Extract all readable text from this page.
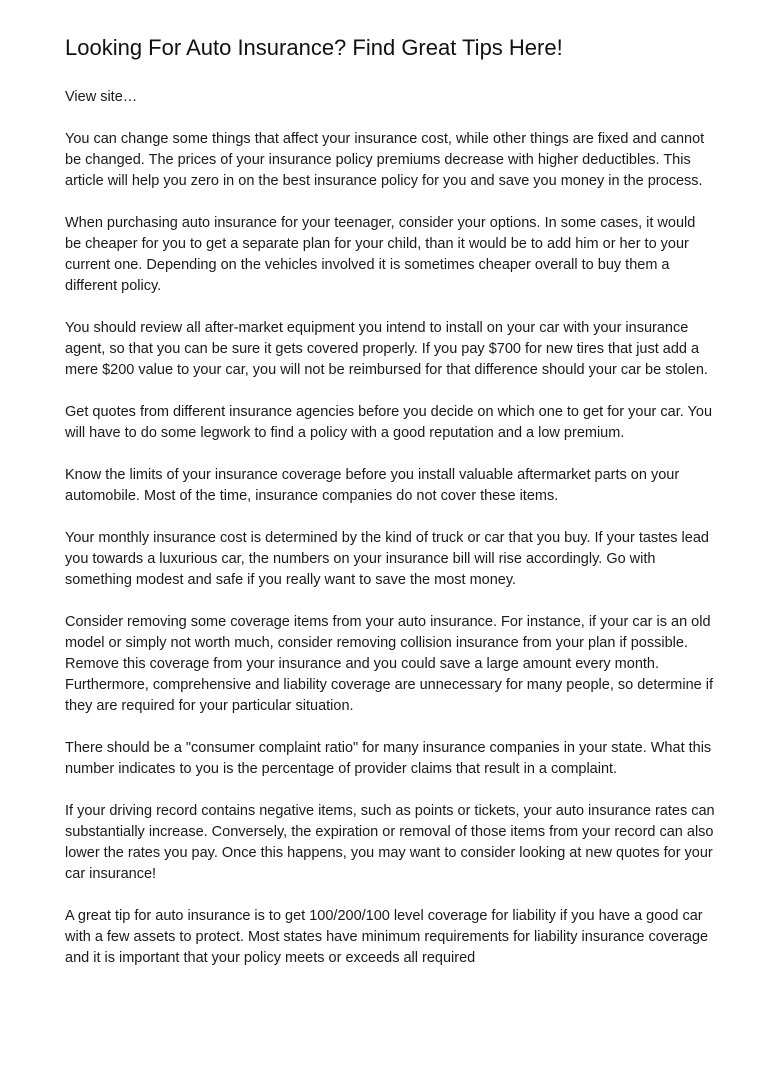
Looking For Auto Insurance? Find Great Tips Here!
View site…

You can change some things that affect your insurance cost, while other things are fixed and cannot be changed. The prices of your insurance policy premiums decrease with higher deductibles. This article will help you zero in on the best insurance policy for you and save you money in the process.

When purchasing auto insurance for your teenager, consider your options. In some cases, it would be cheaper for you to get a separate plan for your child, than it would be to add him or her to your current one. Depending on the vehicles involved it is sometimes cheaper overall to buy them a different policy.

You should review all after-market equipment you intend to install on your car with your insurance agent, so that you can be sure it gets covered properly. If you pay $700 for new tires that just add a mere $200 value to your car, you will not be reimbursed for that difference should your car be stolen.

Get quotes from different insurance agencies before you decide on which one to get for your car. You will have to do some legwork to find a policy with a good reputation and a low premium.

Know the limits of your insurance coverage before you install valuable aftermarket parts on your automobile. Most of the time, insurance companies do not cover these items.

Your monthly insurance cost is determined by the kind of truck or car that you buy. If your tastes lead you towards a luxurious car, the numbers on your insurance bill will rise accordingly. Go with something modest and safe if you really want to save the most money.

Consider removing some coverage items from your auto insurance. For instance, if your car is an old model or simply not worth much, consider removing collision insurance from your plan if possible. Remove this coverage from your insurance and you could save a large amount every month. Furthermore, comprehensive and liability coverage are unnecessary for many people, so determine if they are required for your particular situation.

There should be a "consumer complaint ratio" for many insurance companies in your state. What this number indicates to you is the percentage of provider claims that result in a complaint.

If your driving record contains negative items, such as points or tickets, your auto insurance rates can substantially increase. Conversely, the expiration or removal of those items from your record can also lower the rates you pay. Once this happens, you may want to consider looking at new quotes for your car insurance!

A great tip for auto insurance is to get 100/200/100 level coverage for liability if you have a good car with a few assets to protect. Most states have minimum requirements for liability insurance coverage and it is important that your policy meets or exceeds all required
